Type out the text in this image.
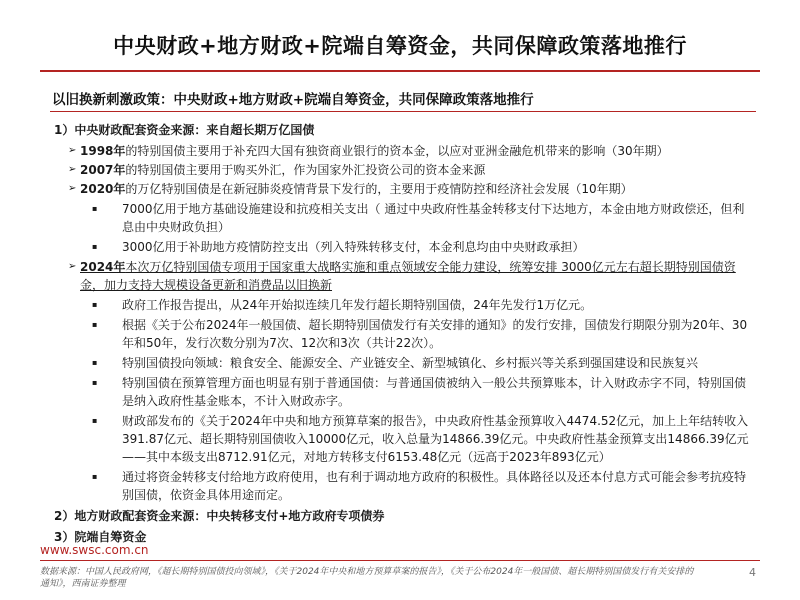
中央财政+地方财政+院端自筹资金，共同保障政策落地推行
以旧换新刺激政策：中央财政+地方财政+院端自筹资金，共同保障政策落地推行
1）中央财政配套资金来源：来自超长期万亿国债
➢ 1998年的特别国债主要用于补充四大国有独资商业银行的资本金，以应对亚洲金融危机带来的影响（30年期）
➢ 2007年的特别国债主要用于购买外汇，作为国家外汇投资公司的资本金来源
➢ 2020年的万亿特别国债是在新冠肺炎疫情背景下发行的，主要用于疫情防控和经济社会发展（10年期）
▪ 7000亿用于地方基础设施建设和抗疫相关支出（ 通过中央政府性基金转移支付下达地方，本金由地方财政偿还，但利息由中央财政负担）
▪ 3000亿用于补助地方疫情防控支出（列入特殊转移支付，本金利息均由中央财政承担）
➢ 2024年本次万亿特别国债专项用于国家重大战略实施和重点领域安全能力建设，统筹安排 3000亿元左右超长期特别国债资金，加力支持大规模设备更新和消费品以旧换新
▪ 政府工作报告提出，从24年开始拟连续几年发行超长期特别国债，24年先发行1万亿元。
▪ 根据《关于公布2024年一般国债、超长期特别国债发行有关安排的通知》的发行安排，国债发行期限分别为20年、30年和50年，发行次数分别为7次、12次和3次（共计22次）。
▪ 特别国债投向领域：粮食安全、能源安全、产业链安全、新型城镇化、乡村振兴等关系到强国建设和民族复兴
▪ 特别国债在预算管理方面也明显有别于普通国债：与普通国债被纳入一般公共预算账本，计入财政赤字不同，特别国债是纳入政府性基金账本，不计入财政赤字。
▪ 财政部发布的《关于2024年中央和地方预算草案的报告》，中央政府性基金预算收入4474.52亿元，加上上年结转收入391.87亿元、超长期特别国债收入10000亿元，收入总量为14866.39亿元。中央政府性基金预算支出14866.39亿元——其中本级支出8712.91亿元，对地方转移支付6153.48亿元（远高于2023年893亿元）
▪ 通过将资金转移支付给地方政府使用，也有利于调动地方政府的积极性。具体路径以及还本付息方式可能会参考抗疫特别国债，依资金具体用途而定。
2）地方财政配套资金来源：中央转移支付+地方政府专项债券
3）院端自筹资金
www.swsc.com.cn
数据来源：中国人民政府网，《超长期特别国债投向领域》，《关于2024年中央和地方预算草案的报告》，《关于公布2024年一般国债、超长期特别国债发行有关安排的通知》，西南证券整理
4
